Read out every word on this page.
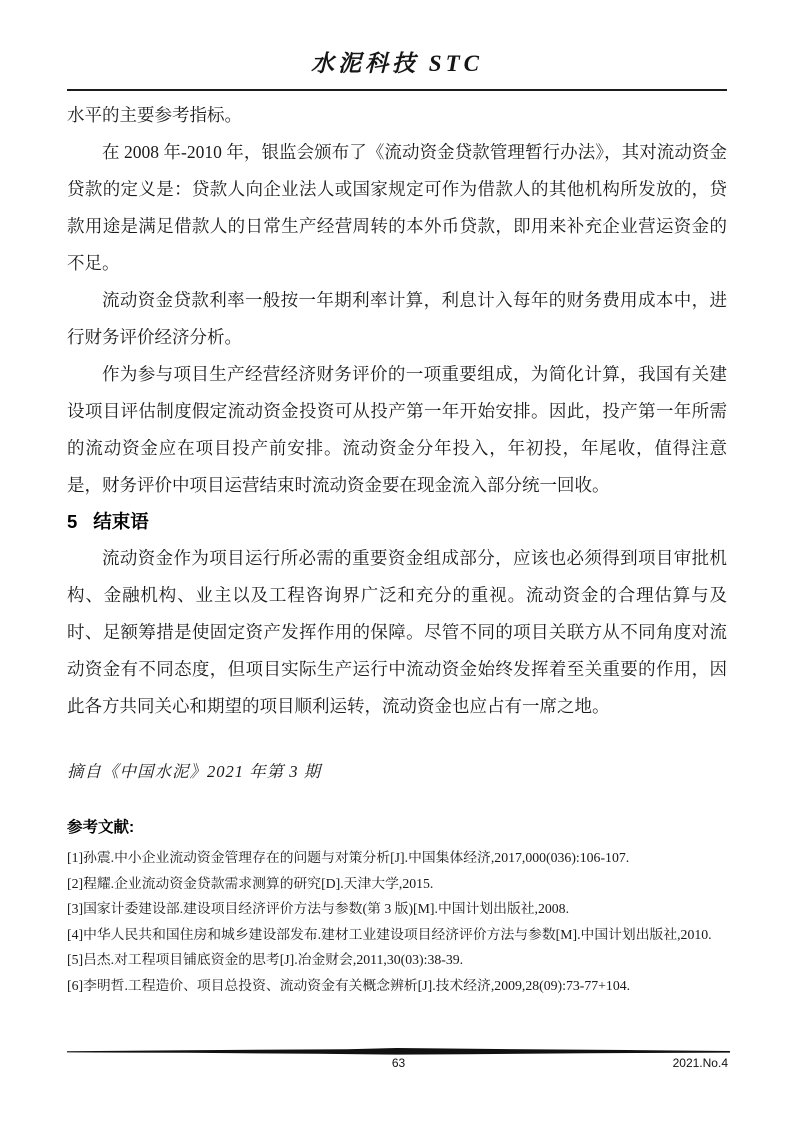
水泥科技 STC

水平的主要参考指标。

在 2008 年-2010 年，银监会颁布了《流动资金贷款管理暂行办法》，其对流动资金贷款的定义是：贷款人向企业法人或国家规定可作为借款人的其他机构所发放的，贷款用途是满足借款人的日常生产经营周转的本外币贷款，即用来补充企业营运资金的不足。

流动资金贷款利率一般按一年期利率计算，利息计入每年的财务费用成本中，进行财务评价经济分析。

作为参与项目生产经营经济财务评价的一项重要组成，为简化计算，我国有关建设项目评估制度假定流动资金投资可从投产第一年开始安排。因此，投产第一年所需的流动资金应在项目投产前安排。流动资金分年投入，年初投，年尾收，值得注意是，财务评价中项目运营结束时流动资金要在现金流入部分统一回收。

5 结束语

流动资金作为项目运行所必需的重要资金组成部分，应该也必须得到项目审批机构、金融机构、业主以及工程咨询界广泛和充分的重视。流动资金的合理估算与及时、足额筹措是使固定资产发挥作用的保障。尽管不同的项目关联方从不同角度对流动资金有不同态度，但项目实际生产运行中流动资金始终发挥着至关重要的作用，因此各方共同关心和期望的项目顺利运转，流动资金也应占有一席之地。

摘自《中国水泥》2021 年第 3 期
参考文献:

[1]孙震.中小企业流动资金管理存在的问题与对策分析[J].中国集体经济,2017,000(036):106-107.

[2]程耀.企业流动资金贷款需求测算的研究[D].天津大学,2015.

[3]国家计委建设部.建设项目经济评价方法与参数(第 3 版)[M].中国计划出版社,2008.

[4]中华人民共和国住房和城乡建设部发布.建材工业建设项目经济评价方法与参数[M].中国计划出版社,2010.

[5]吕杰.对工程项目铺底资金的思考[J].冶金财会,2011,30(03):38-39.

[6]李明哲.工程造价、项目总投资、流动资金有关概念辨析[J].技术经济,2009,28(09):73-77+104.

63	2021.No.4
